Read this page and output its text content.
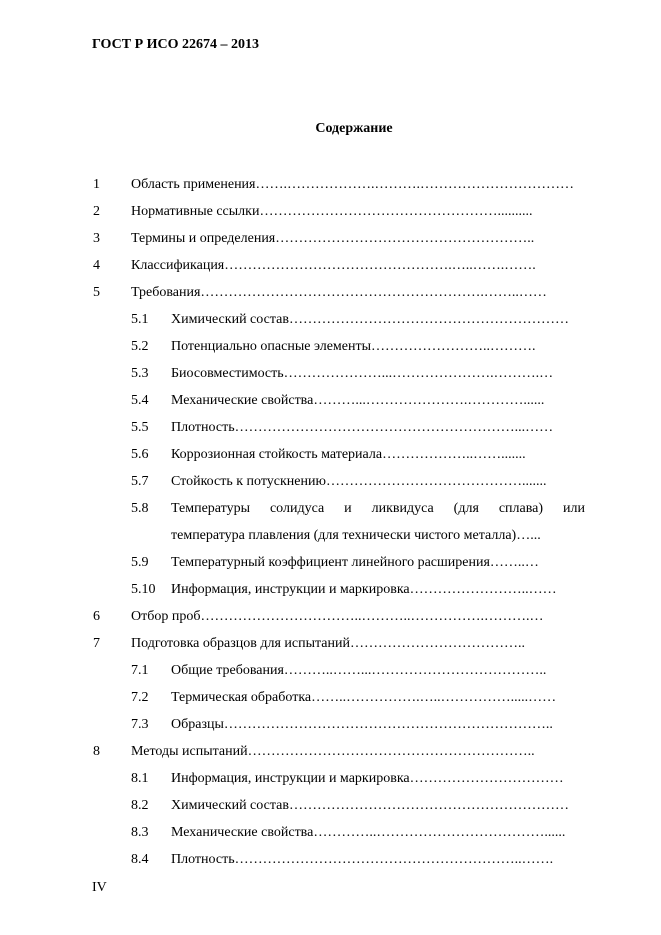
ГОСТ Р ИСО 22674 – 2013
Содержание
1 Область применения…….……………….……….……………………………
2 Нормативные ссылки……………………………………………..........
3 Термины и определения………………………………………………..
4 Классификация………………………………………….…..…….…….
5 Требования…………………………………………………….……..……
5.1 Химический состав……………………………………………………
5.2 Потенциально опасные элементы……………………..……….
5.3 Биосовместимость…………………...………………….……….…
5.4 Механические свойства………...………………….…………......
5.5 Плотность……………………………………………………...……
5.6 Коррозионная стойкость материала………………..…….......
5.7 Стойкость к потускнению…………………………………….......
5.8 Температуры солидуса и ликвидуса (для сплава) или
температура плавления (для технически чистого металла)…...
5.9 Температурный коэффициент линейного расширения……..…
5.10 Информация, инструкции и маркировка……………………..……
6 Отбор проб……………………………..………..…………….……….…
7 Подготовка образцов для испытаний………………………………..
7.1 Общие требования………..……...………………………………..
7.2 Термическая обработка……..…………….…..…………….....……
7.3 Образцы……………………………………………………………..
8 Методы испытаний……………………………………………………..
8.1 Информация, инструкции и маркировка……………………………
8.2 Химический состав……………………………………………………
8.3 Механические свойства…………..………………………………......
8.4 Плотность……………………………………………………..…….
IV
